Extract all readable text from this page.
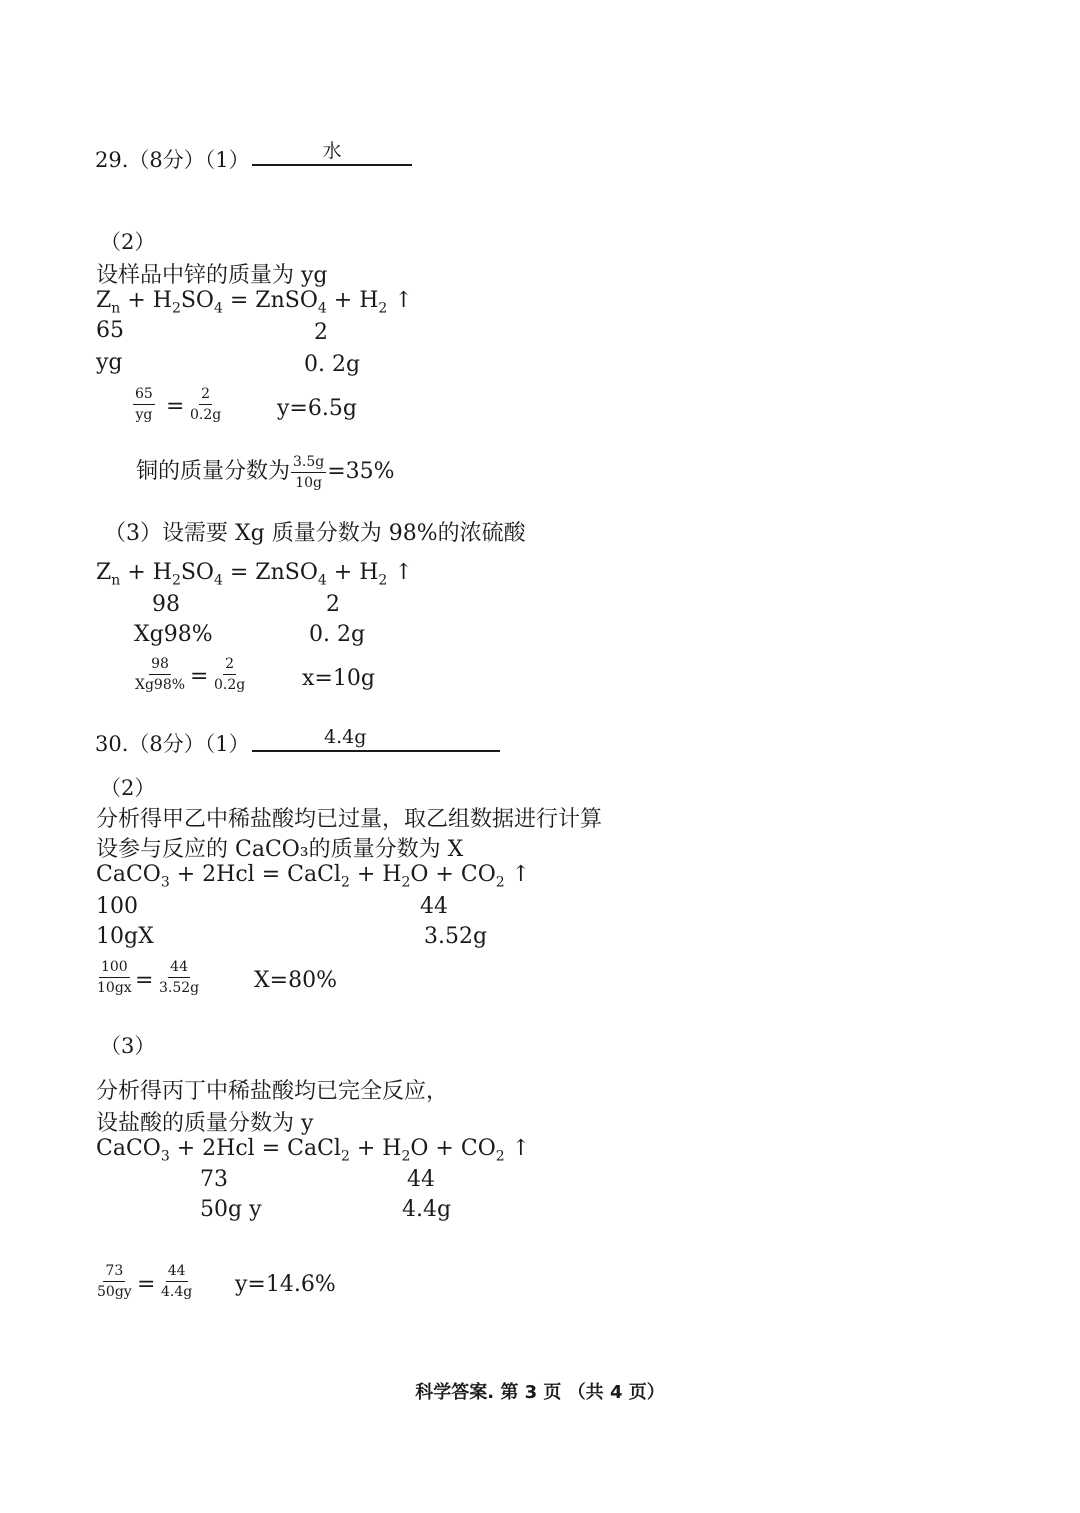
29.（8分）（1）	水
（2）
设样品中锌的质量为 yg
$Z_n + H_2SO_4$ = ZnSO$_4$ + $H_2$ ↑
65	2
yg	0. 2g
$\frac{65}{yg} = \frac{2}{0.2g} y=6.5g$
铜的质量分数为 $\frac{3.5g}{10g} =35\%$
（3）设需要 Xg 质量分数为 98%的浓硫酸
$Z_n + H_2SO_4$ = ZnSO$_4$ + $H_2$ ↑
98	2
Xg98%	0. 2g
$\frac{98}{Xg98\%} = \frac{2}{0.2g} x=10g$
30.（8分）（1）	4.4g
（2）
分析得甲乙中稀盐酸均已过量，取乙组数据进行计算
设参与反应的 CaCO₃的质量分数为 X
CaCO$_3$ + 2Hcl = CaCl$_2$ + $H_2O + CO_2$ ↑
100	44
10gX	3.52g
$\frac{100}{10gx} = \frac{44}{3.52g} X=80\%$
（3）
分析得丙丁中稀盐酸均已完全反应，
设盐酸的质量分数为 y
CaCO$_3$ + 2Hcl = CaCl$_2$ + $H_2O + CO_2$ ↑
73	44
50g y	4.4g
$\frac{73}{50gy} = \frac{44}{4.4g} y=14.6\%$
科学答案. 第 3 页 （共 4 页）
